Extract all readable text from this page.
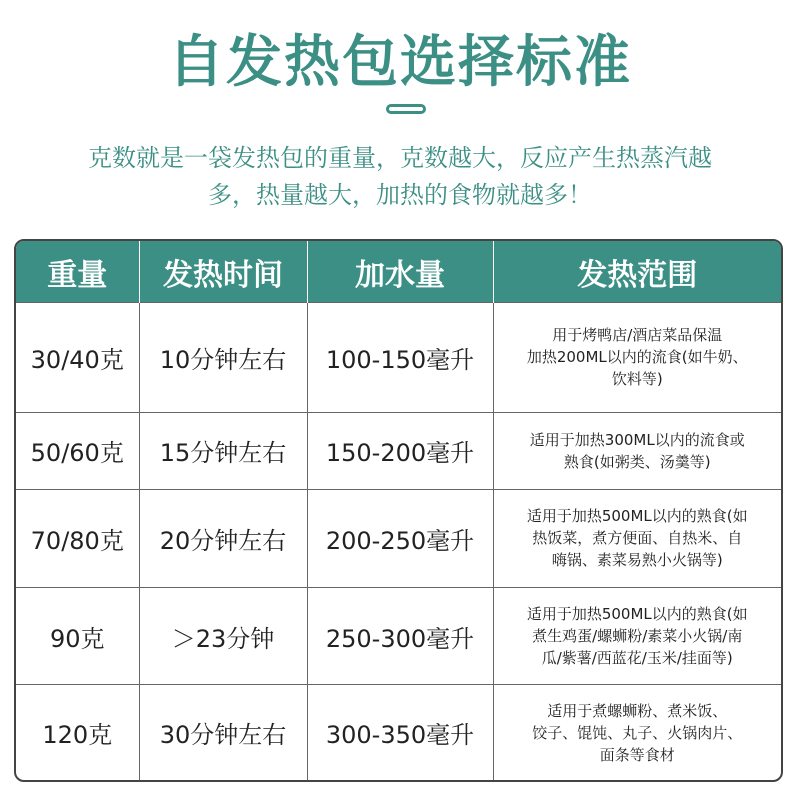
自发热包选择标准
克数就是一袋发热包的重量，克数越大，反应产生热蒸汽越
多，热量越大，加热的食物就越多！
重量	发热时间	加水量	发热范围
30/40克	10分钟左右	100-150毫升	用于烤鸭店/酒店菜品保温
加热200ML以内的流食(如牛奶、
饮料等)

50/60克	15分钟左右	150-200毫升	适用于加热300ML以内的流食或
熟食(如粥类、汤羹等)

70/80克	20分钟左右	200-250毫升	适用于加热500ML以内的熟食(如
热饭菜，煮方便面、自热米、自
嗨锅、素菜易熟小火锅等)

90克	＞23分钟	250-300毫升	适用于加热500ML以内的熟食(如
煮生鸡蛋/螺蛳粉/素菜小火锅/南
瓜/紫薯/西蓝花/玉米/挂面等)

120克	30分钟左右	300-350毫升	适用于煮螺蛳粉、煮米饭、
饺子、馄饨、丸子、火锅肉片、
面条等食材
